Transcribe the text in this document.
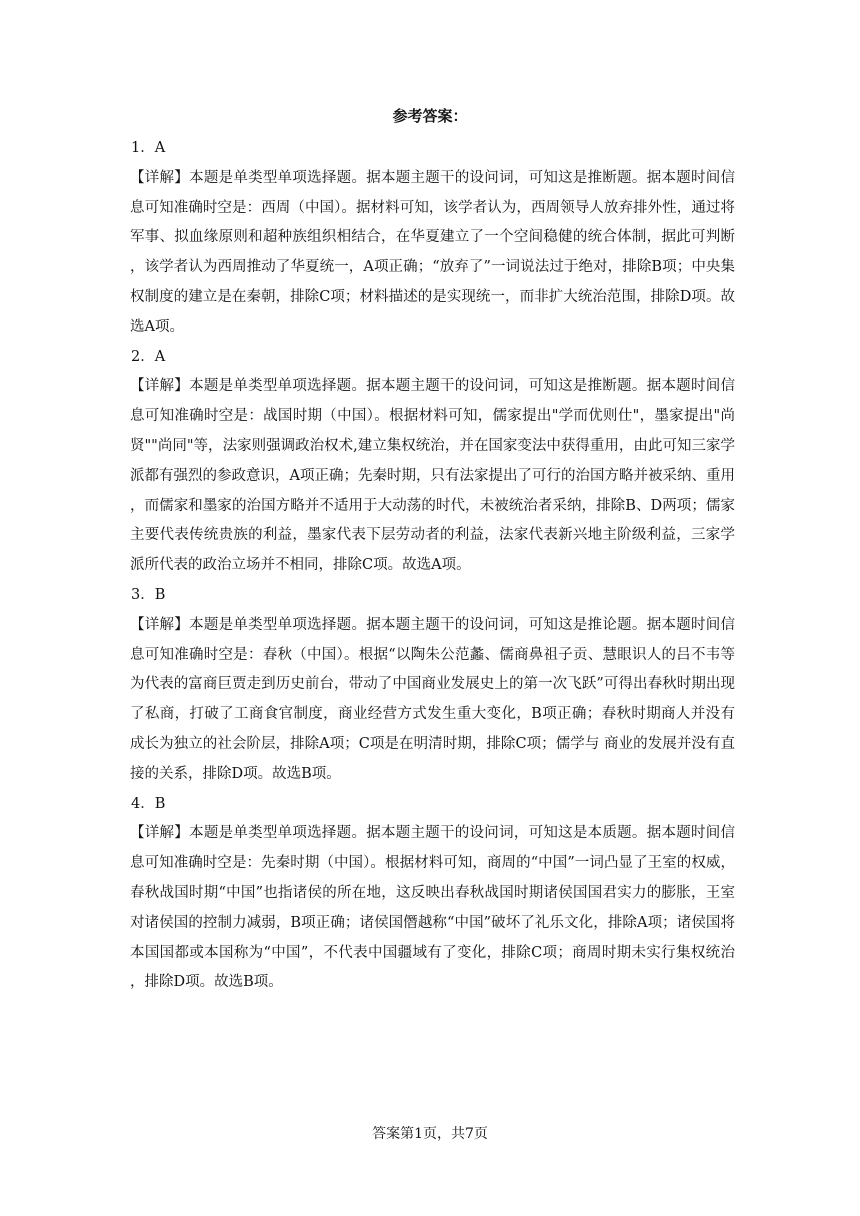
参考答案：

1．A

【详解】本题是单类型单项选择题。据本题主题干的设问词，可知这是推断题。据本题时间信息可知准确时空是：西周（中国）。据材料可知，该学者认为，西周领导人放弃排外性，通过将军事、拟血缘原则和超种族组织相结合，在华夏建立了一个空间稳健的统合体制，据此可判断，该学者认为西周推动了华夏统一，A项正确；“放弃了”一词说法过于绝对，排除B项；中央集权制度的建立是在秦朝，排除C项；材料描述的是实现统一，而非扩大统治范围，排除D项。故选A项。

2．A

【详解】本题是单类型单项选择题。据本题主题干的设问词，可知这是推断题。据本题时间信息可知准确时空是：战国时期（中国）。根据材料可知，儒家提出"学而优则仕"，墨家提出"尚贤""尚同"等，法家则强调政治权术,建立集权统治，并在国家变法中获得重用，由此可知三家学派都有强烈的参政意识，A项正确；先秦时期，只有法家提出了可行的治国方略并被采纳、重用，而儒家和墨家的治国方略并不适用于大动荡的时代，未被统治者采纳，排除B、D两项；儒家主要代表传统贵族的利益，墨家代表下层劳动者的利益，法家代表新兴地主阶级利益，三家学派所代表的政治立场并不相同，排除C项。故选A项。

3．B

【详解】本题是单类型单项选择题。据本题主题干的设问词，可知这是推论题。据本题时间信息可知准确时空是：春秋（中国）。根据“以陶朱公范蠡、儒商鼻祖子贡、慧眼识人的吕不韦等为代表的富商巨贾走到历史前台，带动了中国商业发展史上的第一次飞跃”可得出春秋时期出现了私商，打破了工商食官制度，商业经营方式发生重大变化，B项正确；春秋时期商人并没有成长为独立的社会阶层，排除A项；C项是在明清时期，排除C项；儒学与 商业的发展并没有直接的关系，排除D项。故选B项。

4．B

【详解】本题是单类型单项选择题。据本题主题干的设问词，可知这是本质题。据本题时间信息可知准确时空是：先秦时期（中国）。根据材料可知，商周的“中国”一词凸显了王室的权威，春秋战国时期“中国”也指诸侯的所在地，这反映出春秋战国时期诸侯国国君实力的膨胀，王室对诸侯国的控制力减弱，B项正确；诸侯国僭越称“中国”破坏了礼乐文化，排除A项；诸侯国将本国国都或本国称为“中国”，不代表中国疆域有了变化，排除C项；商周时期未实行集权统治，排除D项。故选B项。

答案第1页，共7页
